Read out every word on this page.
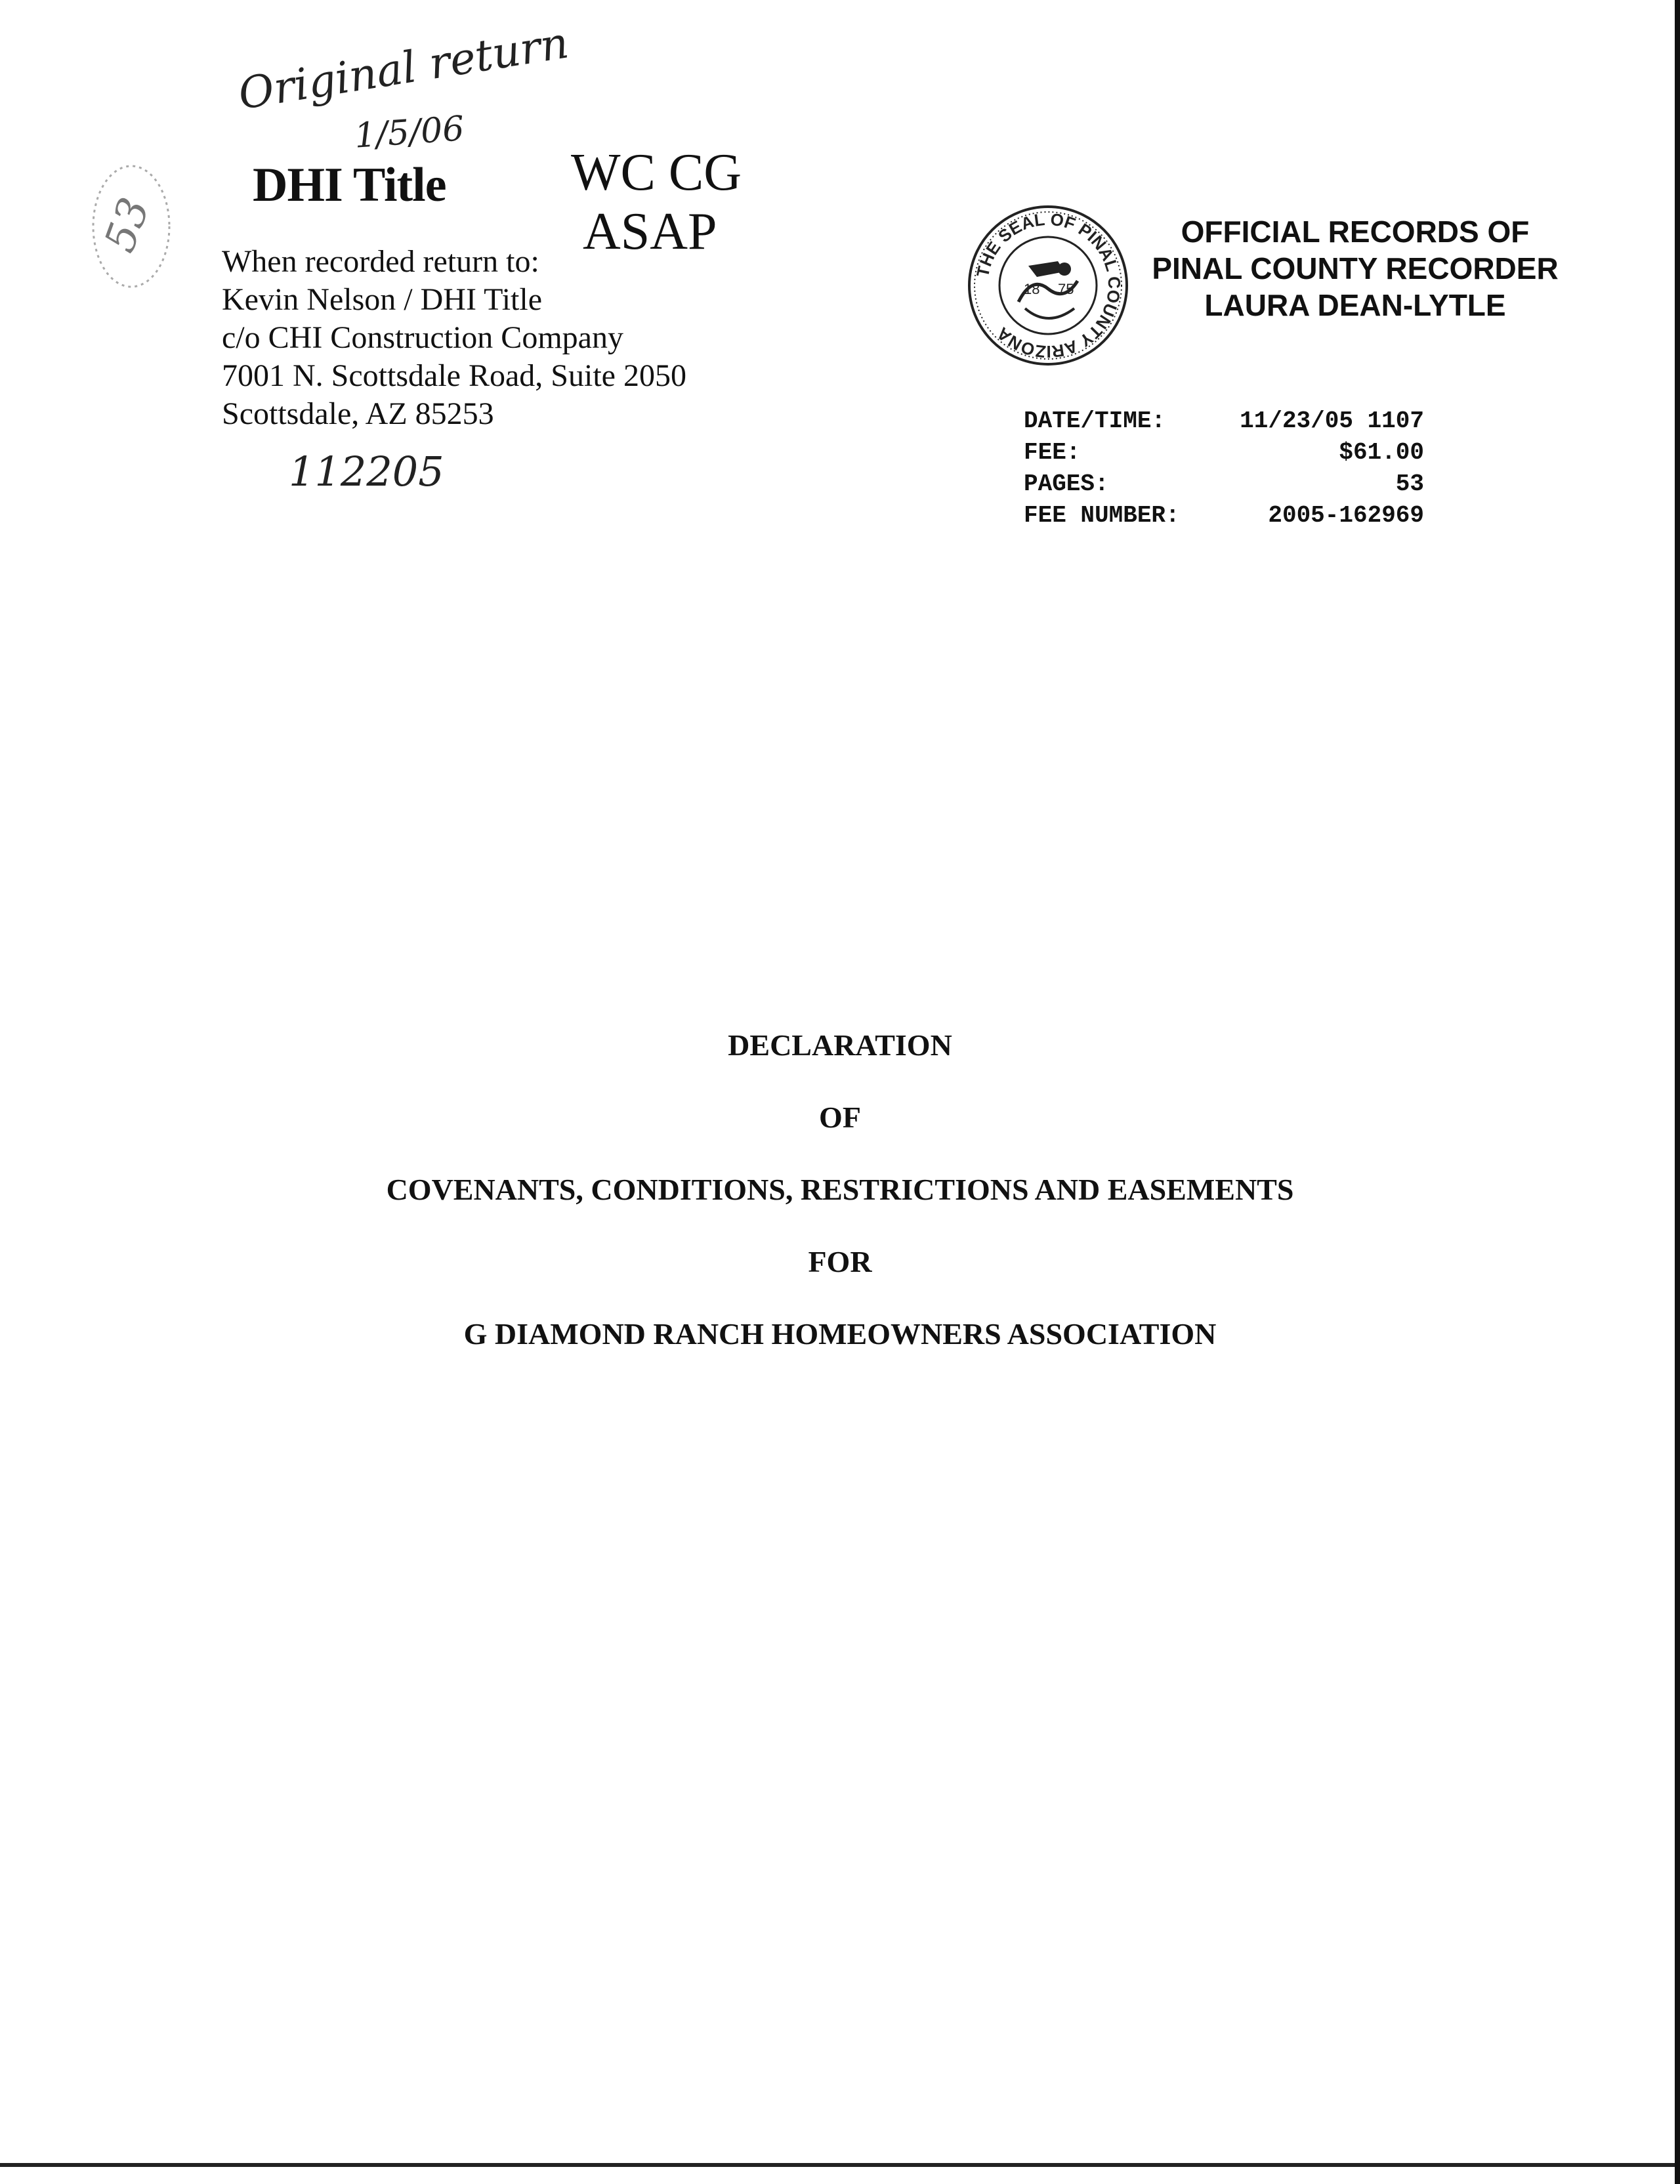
Original return
1/5/06
53
DHI Title WC CG
ASAP
When recorded return to:
Kevin Nelson / DHI Title
c/o CHI Construction Company
7001 N. Scottsdale Road, Suite 2050
Scottsdale, AZ 85253
112205
THE SEAL OF PINAL COUNTY ARIZONA
18 75
OFFICIAL RECORDS OF
PINAL COUNTY RECORDER
LAURA DEAN-LYTLE
DATE/TIME:	11/23/05 1107
FEE:	$61.00
PAGES:	53
FEE NUMBER:	2005-162969
DECLARATION
OF
COVENANTS, CONDITIONS, RESTRICTIONS AND EASEMENTS
FOR
G DIAMOND RANCH HOMEOWNERS ASSOCIATION
